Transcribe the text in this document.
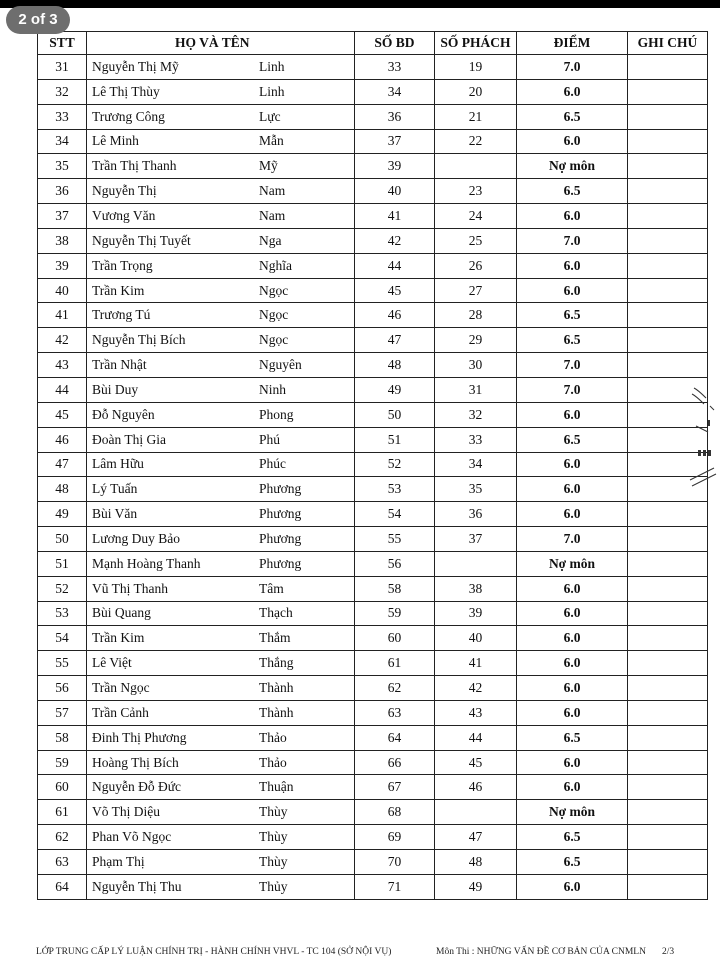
2 of 3
STT	HỌ VÀ TÊN	SỐ BD	SỐ PHÁCH	ĐIỂM	GHI CHÚ
31	Nguyễn Thị Mỹ Linh	33	19	7.0	
32	Lê Thị Thùy Linh	34	20	6.0	
33	Trương Công Lực	36	21	6.5	
34	Lê Minh Mẫn	37	22	6.0	
35	Trần Thị Thanh Mỹ	39		Nợ môn	
36	Nguyễn Thị Nam	40	23	6.5	
37	Vương Văn Nam	41	24	6.0	
38	Nguyễn Thị Tuyết Nga	42	25	7.0	
39	Trần Trọng Nghĩa	44	26	6.0	
40	Trần Kim Ngọc	45	27	6.0	
41	Trương Tú Ngọc	46	28	6.5	
42	Nguyễn Thị Bích Ngọc	47	29	6.5	
43	Trần Nhật Nguyên	48	30	7.0	
44	Bùi Duy Ninh	49	31	7.0	
45	Đỗ Nguyên Phong	50	32	6.0	
46	Đoàn Thị Gia Phú	51	33	6.5	
47	Lâm Hữu Phúc	52	34	6.0	
48	Lý Tuấn Phương	53	35	6.0	
49	Bùi Văn Phương	54	36	6.0	
50	Lương Duy Bảo Phương	55	37	7.0	
51	Mạnh Hoàng Thanh Phương	56		Nợ môn	
52	Vũ Thị Thanh Tâm	58	38	6.0	
53	Bùi Quang Thạch	59	39	6.0	
54	Trần Kim Thắm	60	40	6.0	
55	Lê Việt Thắng	61	41	6.0	
56	Trần Ngọc Thành	62	42	6.0	
57	Trần Cảnh Thành	63	43	6.0	
58	Đinh Thị Phương Thảo	64	44	6.5	
59	Hoàng Thị Bích Thảo	66	45	6.0	
60	Nguyễn Đỗ Đức Thuận	67	46	6.0	
61	Võ Thị Diệu Thùy	68		Nợ môn	
62	Phan Võ Ngọc Thùy	69	47	6.5	
63	Phạm Thị Thùy	70	48	6.5	
64	Nguyễn Thị Thu Thủy	71	49	6.0	
LỚP TRUNG CẤP LÝ LUẬN CHÍNH TRỊ - HÀNH CHÍNH VHVL - TC 104 (SỞ NỘI VỤ)	Môn Thi : NHỮNG VẤN ĐỀ CƠ BẢN CỦA CNMLN 2/3
